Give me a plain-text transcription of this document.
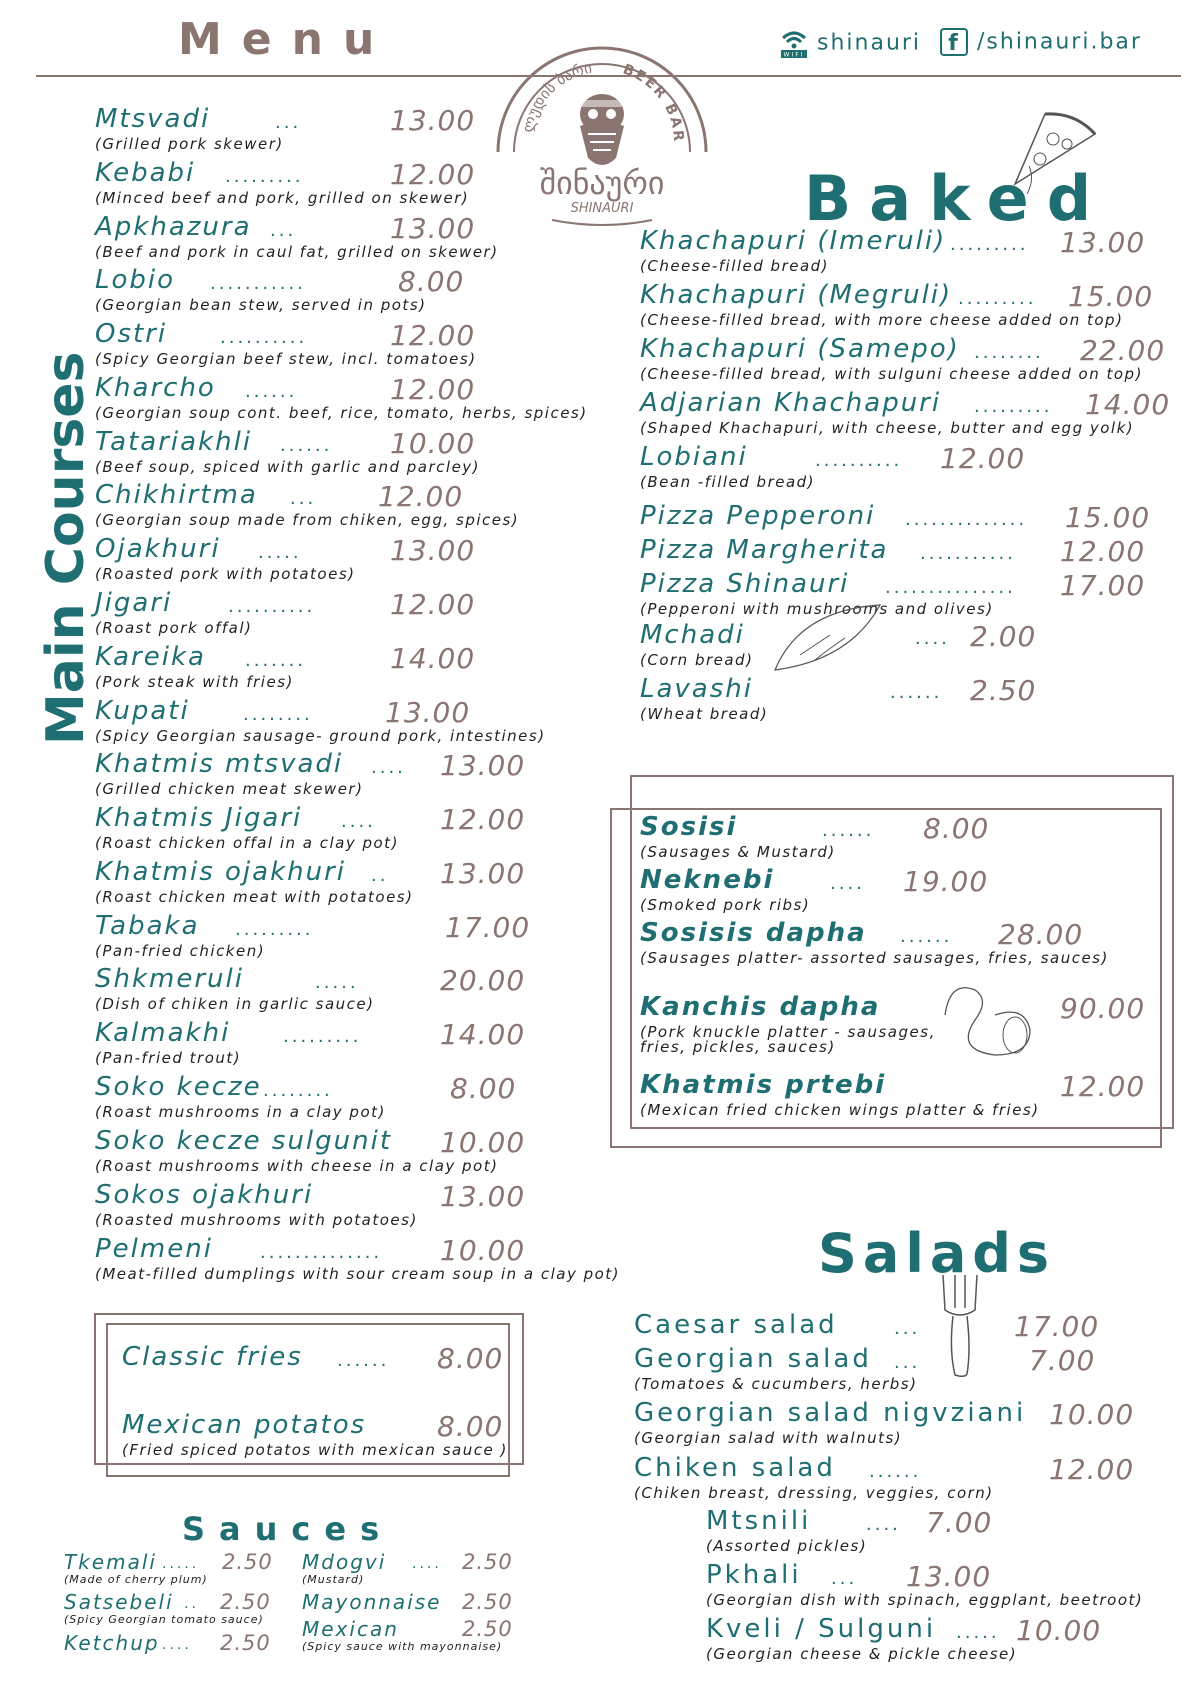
Menu	WIFI shinauri	f /shinauri.bar
ლუდის ბარი BEER BAR
შინაური
SHINAURI
Main Courses
Mtsvadi	...	13.00
(Grilled pork skewer)
Kebabi .........	12.00
(Minced beef and pork, grilled on skewer)
Apkhazura ...	13.00
(Beef and pork in caul fat, grilled on skewer)
Lobio ...........	8.00
(Georgian bean stew, served in pots)
Ostri	..........	12.00
(Spicy Georgian beef stew, incl. tomatoes)
Kharcho ......	12.00
(Georgian soup cont. beef, rice, tomato, herbs, spices)
Tatariakhli ...... 10.00
(Beef soup, spiced with garlic and parcley)
Chikhirtma ... 12.00
(Georgian soup made from chiken, egg, spices)
Ojakhuri .....	13.00
(Roasted pork with potatoes)
Jigari	..........	12.00
(Roast pork offal)
Kareika .......	14.00
(Pork steak with fries)
Kupati	........	13.00
(Spicy Georgian sausage- ground pork, intestines)
Khatmis mtsvadi .... 13.00
(Grilled chicken meat skewer)
Khatmis Jigari .... 12.00
(Roast chicken offal in a clay pot)
Khatmis ojakhuri .. 13.00
(Roast chicken meat with potatoes)
Tabaka .........	17.00
(Pan-fried chicken)
Shkmeruli	.....	20.00
(Dish of chiken in garlic sauce)
Kalmakhi	.........	14.00
(Pan-fried trout)
Soko kecze ........	8.00
(Roast mushrooms in a clay pot)
Soko kecze sulgunit 10.00
(Roast mushrooms with cheese in a clay pot)
Sokos ojakhuri	13.00
(Roasted mushrooms with potatoes)
Pelmeni	.............. 10.00
(Meat-filled dumplings with sour cream soup in a clay pot)
Classic fries ...... 8.00
Mexican potatos	8.00
(Fried spiced potatos with mexican sauce )
Sauces
Tkemali ..... 2.50
(Made of cherry plum)
Satsebeli .. 2.50
(Spicy Georgian tomato sauce)
Ketchup .... 2.50
Mdogvi .... 2.50
(Mustard)
Mayonnaise 2.50
Mexican	2.50
(Spicy sauce with mayonnaise)
Baked
Khachapuri (Imeruli) ......... 13.00
(Cheese-filled bread)
Khachapuri (Megruli) ......... 15.00
(Cheese-filled bread, with more cheese added on top)
Khachapuri (Samepo) ........ 22.00
(Cheese-filled bread, with sulguni cheese added on top)
Adjarian Khachapuri ......... 14.00
(Shaped Khachapuri, with cheese, butter and egg yolk)
Lobiani	.......... 12.00
(Bean -filled bread)
Pizza Pepperoni .............. 15.00
Pizza Margherita ........... 12.00
Pizza Shinauri ............... 17.00
(Pepperoni with mushrooms and olives)
Mchadi	.... 2.00
(Corn bread)
Lavashi	...... 2.50
(Wheat bread)
Sosisi	...... 8.00
(Sausages & Mustard)
Neknebi	.... 19.00
(Smoked pork ribs)
Sosisis dapha ...... 28.00
(Sausages platter- assorted sausages, fries, sauces)
Kanchis dapha	90.00
(Pork knuckle platter - sausages,
fries, pickles, sauces)
Khatmis prtebi	12.00
(Mexican fried chicken wings platter & fries)
Salads
Caesar salad	...	17.00
Georgian salad ...	7.00
(Tomatoes & cucumbers, herbs)
Georgian salad nigvziani 10.00
(Georgian salad with walnuts)
Chiken salad ......	12.00
(Chiken breast, dressing, veggies, corn)
Mtsnili	.... 7.00
(Assorted pickles)
Pkhali ... 13.00
(Georgian dish with spinach, eggplant, beetroot)
Kveli / Sulguni ..... 10.00
(Georgian cheese & pickle cheese)
